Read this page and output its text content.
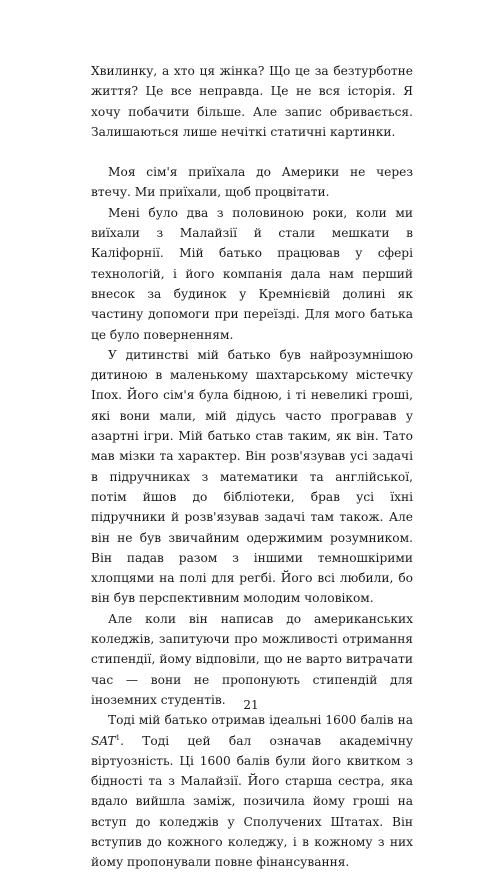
Хвилинку, а хто ця жінка? Що це за безтурботне життя? Це все неправда. Це не вся історія. Я хочу побачити більше. Але запис обривається. Залишаються лише нечіткі статичні картинки.

Моя сім'я приїхала до Америки не через втечу. Ми приїхали, щоб процвітати.

Мені було два з половиною роки, коли ми виїхали з Малайзії й стали мешкати в Каліфорнії. Мій батько працював у сфері технологій, і його компанія дала нам перший внесок за будинок у Кремнієвій долині як частину допомоги при переїзді. Для мого батька це було поверненням.

У дитинстві мій батько був найрозумнішою дитиною в маленькому шахтарському містечку Іпох. Його сім'я була бідною, і ті невеликі гроші, які вони мали, мій дідусь часто програвав у азартні ігри. Мій батько став таким, як він. Тато мав мізки та характер. Він розв'язував усі задачі в підручниках з математики та англійської, потім йшов до бібліотеки, брав усі їхні підручники й розв'язував задачі там також. Але він не був звичайним одержимим розумником. Він падав разом з іншими темношкірими хлопцями на полі для регбі. Його всі любили, бо він був перспективним молодим чоловіком.

Але коли він написав до американських коледжів, запитуючи про можливості отримання стипендії, йому відповіли, що не варто витрачати час — вони не пропонують стипендій для іноземних студентів.

Тоді мій батько отримав ідеальні 1600 балів на SAT$^1$. Тоді цей бал означав академічну віртуозність. Ці 1600 балів були його квитком з бідності та з Малайзії. Його старша сестра, яка вдало вийшла заміж, позичила йому гроші на вступ до коледжів у Сполучених Штатах. Він вступив до кожного коледжу, і в кожному з них йому пропонували повне фінансування.

21
